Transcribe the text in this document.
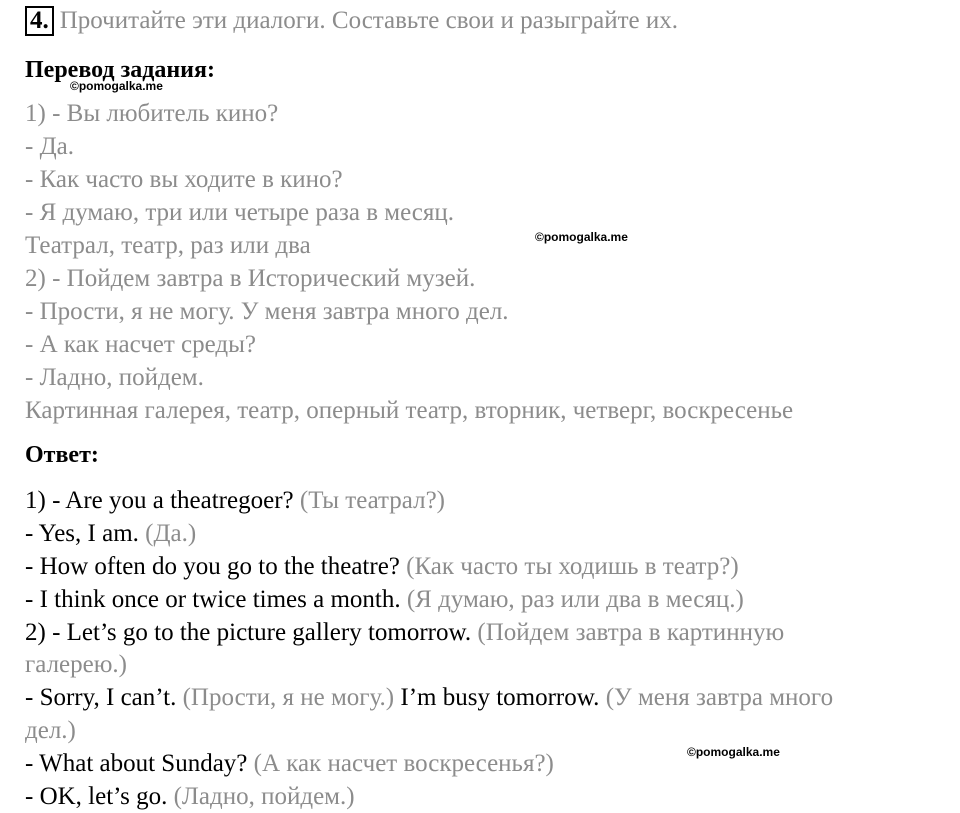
4. Прочитайте эти диалоги. Составьте свои и разыграйте их.
Перевод задания:
©pomogalka.me
1) - Вы любитель кино?
- Да.
- Как часто вы ходите в кино?
- Я думаю, три или четыре раза в месяц.
Театрал, театр, раз или два	©pomogalka.me
2) - Пойдем завтра в Исторический музей.
- Прости, я не могу. У меня завтра много дел.
- А как насчет среды?
- Ладно, пойдем.
Картинная галерея, театр, оперный театр, вторник, четверг, воскресенье
Ответ:
1) - Are you a theatregoer? (Ты театрал?)
- Yes, I am. (Да.)
- How often do you go to the theatre? (Как часто ты ходишь в театр?)
- I think once or twice times a month. (Я думаю, раз или два в месяц.)
2) - Let’s go to the picture gallery tomorrow. (Пойдем завтра в картинную
галерею.)
- Sorry, I can’t. (Прости, я не могу.) I’m busy tomorrow. (У меня завтра много
дел.)
©pomogalka.me
- What about Sunday? (А как насчет воскресенья?)
- OK, let’s go. (Ладно, пойдем.)
